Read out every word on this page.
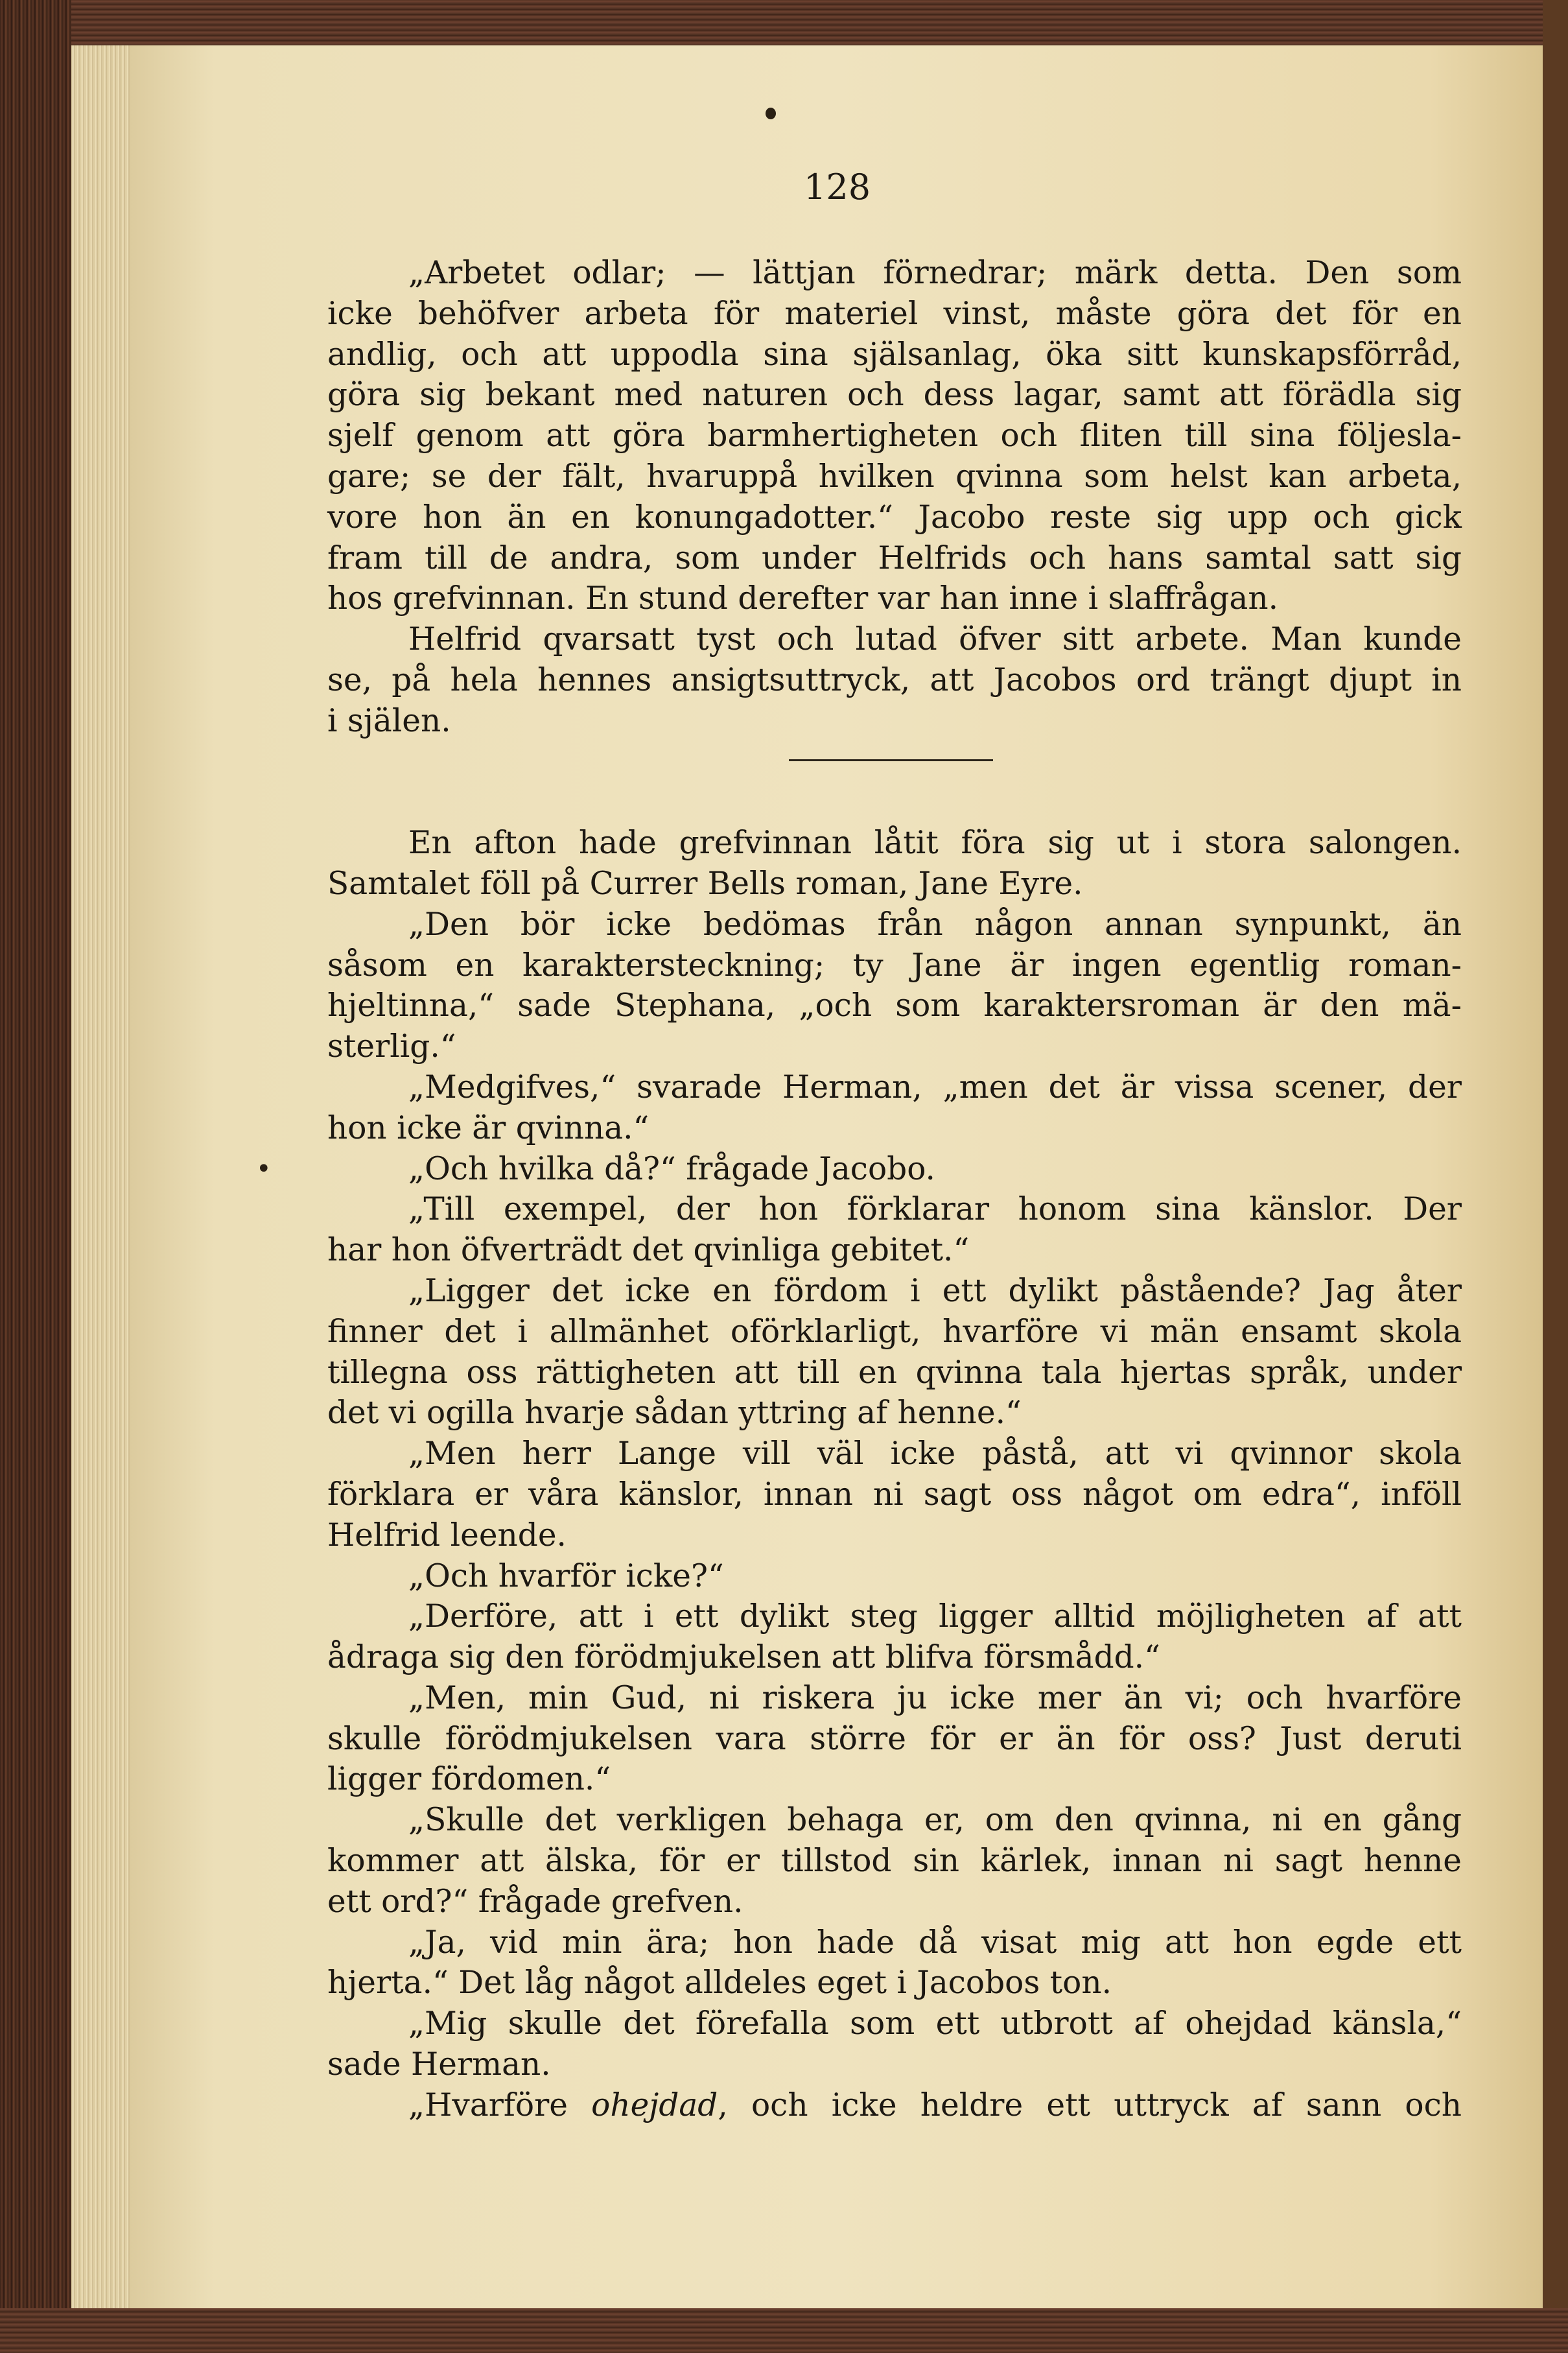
128
•
„Arbetet odlar; — lättjan förnedrar; märk detta. Den som
icke behöfver arbeta för materiel vinst, måste göra det för en
andlig, och att uppodla sina själsanlag, öka sitt kunskapsförråd,
göra sig bekant med naturen och dess lagar, samt att förädla sig
sjelf genom att göra barmhertigheten och fliten till sina följesla-
gare; se der fält, hvaruppå hvilken qvinna som helst kan arbeta,
vore hon än en konungadotter.“ Jacobo reste sig upp och gick
fram till de andra, som under Helfrids och hans samtal satt sig
hos grefvinnan. En stund derefter var han inne i slaffrågan.
Helfrid qvarsatt tyst och lutad öfver sitt arbete. Man kunde
se, på hela hennes ansigtsuttryck, att Jacobos ord trängt djupt in
i själen.
En afton hade grefvinnan låtit föra sig ut i stora salongen.
Samtalet föll på Currer Bells roman, Jane Eyre.
„Den bör icke bedömas från någon annan synpunkt, än
såsom en karaktersteckning; ty Jane är ingen egentlig roman-
hjeltinna,“ sade Stephana, „och som karaktersroman är den mä-
sterlig.“
„Medgifves,“ svarade Herman, „men det är vissa scener, der
hon icke är qvinna.“
„Och hvilka då?“ frågade Jacobo.
„Till exempel, der hon förklarar honom sina känslor. Der
har hon öfverträdt det qvinliga gebitet.“
„Ligger det icke en fördom i ett dylikt påstående? Jag åter
finner det i allmänhet oförklarligt, hvarföre vi män ensamt skola
tillegna oss rättigheten att till en qvinna tala hjertas språk, under
det vi ogilla hvarje sådan yttring af henne.“
„Men herr Lange vill väl icke påstå, att vi qvinnor skola
förklara er våra känslor, innan ni sagt oss något om edra“, inföll
Helfrid leende.
„Och hvarför icke?“
„Derföre, att i ett dylikt steg ligger alltid möjligheten af att
ådraga sig den förödmjukelsen att blifva försmådd.“
„Men, min Gud, ni riskera ju icke mer än vi; och hvarföre
skulle förödmjukelsen vara större för er än för oss? Just deruti
ligger fördomen.“
„Skulle det verkligen behaga er, om den qvinna, ni en gång
kommer att älska, för er tillstod sin kärlek, innan ni sagt henne
ett ord?“ frågade grefven.
„Ja, vid min ära; hon hade då visat mig att hon egde ett
hjerta.“ Det låg något alldeles eget i Jacobos ton.
„Mig skulle det förefalla som ett utbrott af ohejdad känsla,“
sade Herman.
„Hvarföre ohejdad, och icke heldre ett uttryck af sann och
